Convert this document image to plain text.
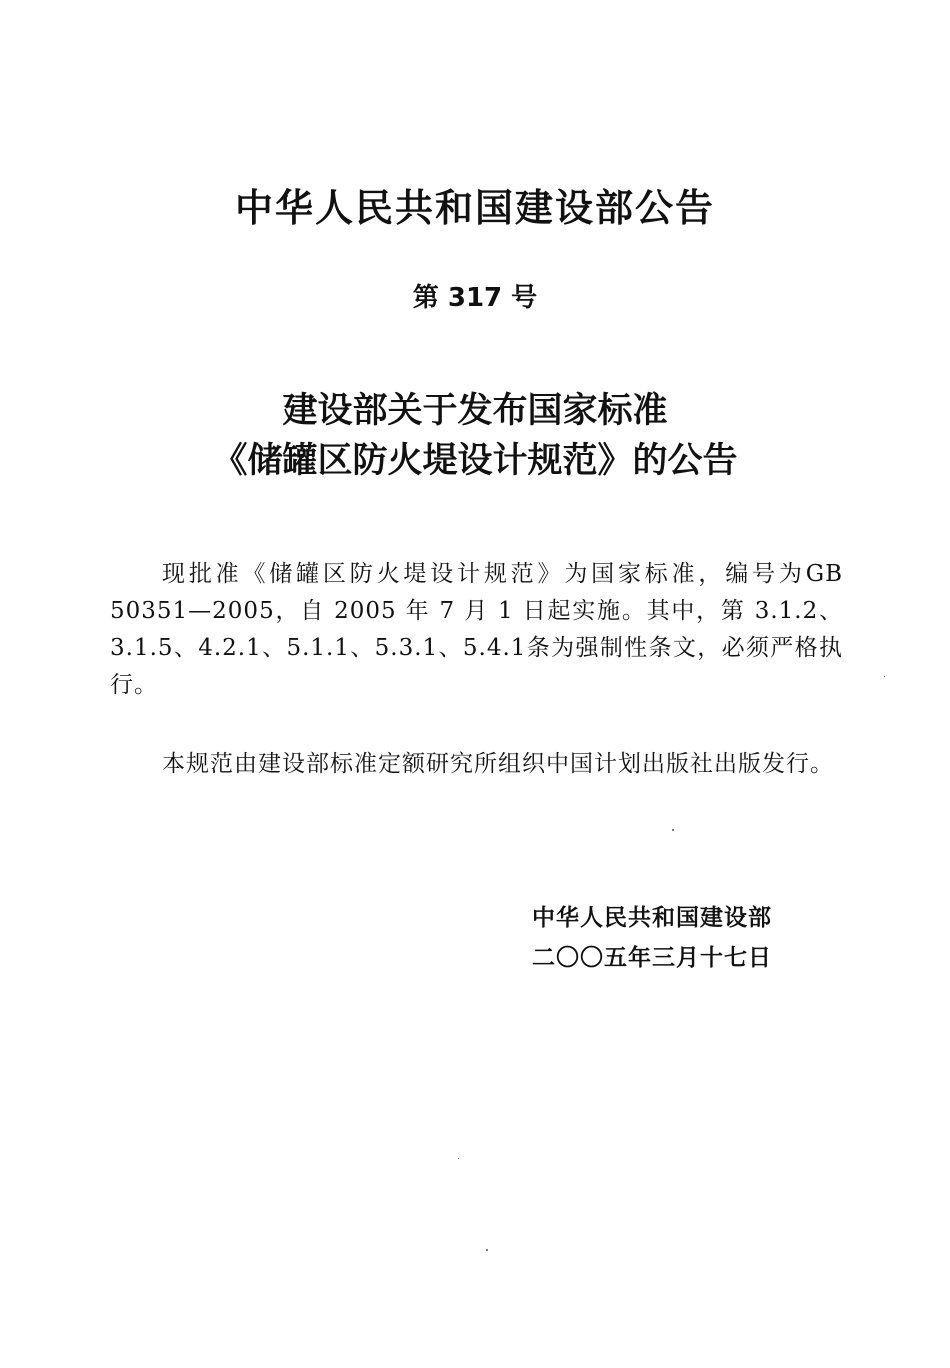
中华人民共和国建设部公告
第 317 号
建设部关于发布国家标准
《储罐区防火堤设计规范》的公告

现批准《储罐区防火堤设计规范》为国家标准，编号为GB 50351—2005，自 2005 年 7 月 1 日起实施。其中，第 3.1.2、3.1.5、4.2.1、5.1.1、5.3.1、5.4.1条为强制性条文，必须严格执行。

本规范由建设部标准定额研究所组织中国计划出版社出版发行。

中华人民共和国建设部
二〇〇五年三月十七日
